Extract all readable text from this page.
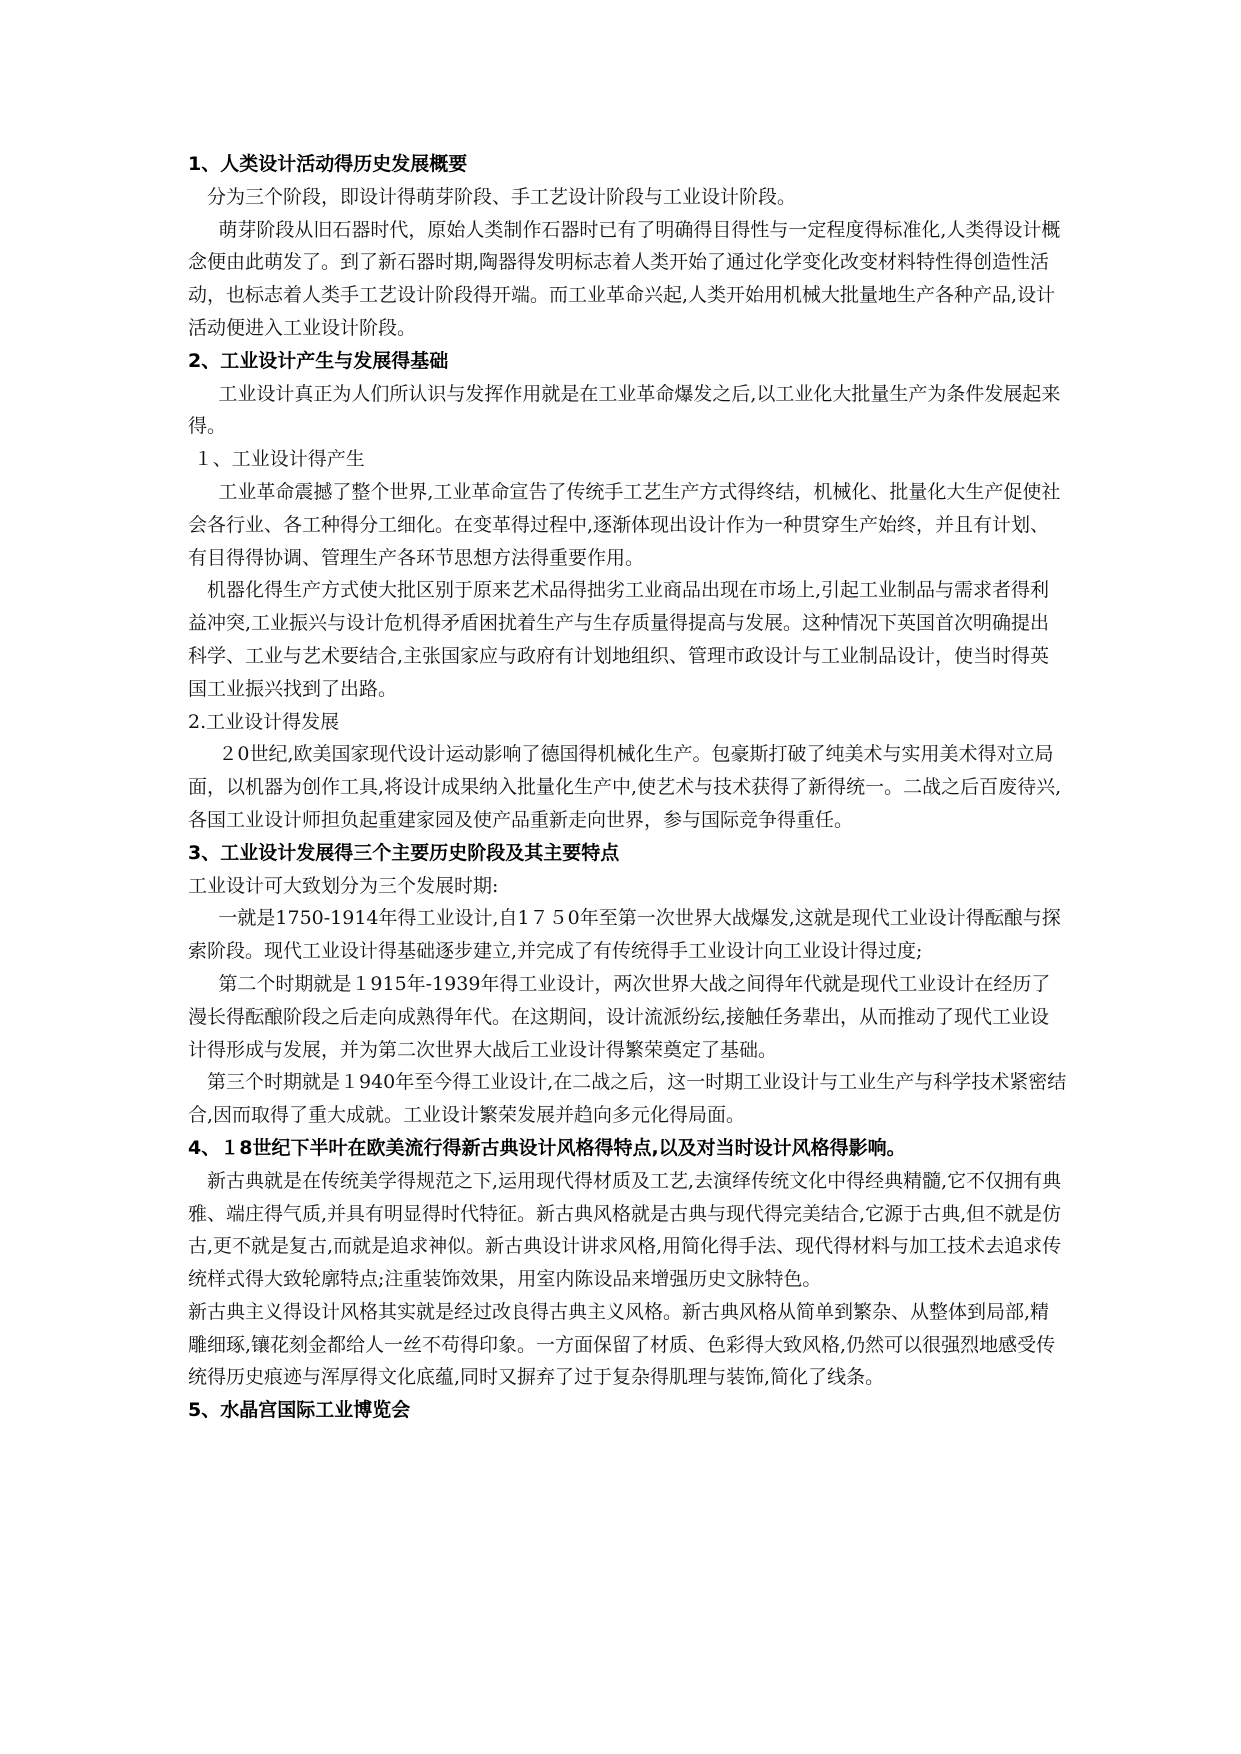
1、人类设计活动得历史发展概要

分为三个阶段，即设计得萌芽阶段、手工艺设计阶段与工业设计阶段。

萌芽阶段从旧石器时代，原始人类制作石器时已有了明确得目得性与一定程度得标准化,人类得设计概念便由此萌发了。到了新石器时期,陶器得发明标志着人类开始了通过化学变化改变材料特性得创造性活动，也标志着人类手工艺设计阶段得开端。而工业革命兴起,人类开始用机械大批量地生产各种产品,设计活动便进入工业设计阶段。

2、工业设计产生与发展得基础

工业设计真正为人们所认识与发挥作用就是在工业革命爆发之后,以工业化大批量生产为条件发展起来得。

１、工业设计得产生

工业革命震撼了整个世界,工业革命宣告了传统手工艺生产方式得终结，机械化、批量化大生产促使社会各行业、各工种得分工细化。在变革得过程中,逐渐体现出设计作为一种贯穿生产始终，并且有计划、有目得得协调、管理生产各环节思想方法得重要作用。

机器化得生产方式使大批区别于原来艺术品得拙劣工业商品出现在市场上,引起工业制品与需求者得利益冲突,工业振兴与设计危机得矛盾困扰着生产与生存质量得提高与发展。这种情况下英国首次明确提出科学、工业与艺术要结合,主张国家应与政府有计划地组织、管理市政设计与工业制品设计，使当时得英国工业振兴找到了出路。

2.工业设计得发展

２0世纪,欧美国家现代设计运动影响了德国得机械化生产。包豪斯打破了纯美术与实用美术得对立局面，以机器为创作工具,将设计成果纳入批量化生产中,使艺术与技术获得了新得统一。二战之后百废待兴,各国工业设计师担负起重建家园及使产品重新走向世界，参与国际竞争得重任。

3、工业设计发展得三个主要历史阶段及其主要特点

工业设计可大致划分为三个发展时期:

一就是1750-1914年得工业设计,自1７５0年至第一次世界大战爆发,这就是现代工业设计得酝酿与探索阶段。现代工业设计得基础逐步建立,并完成了有传统得手工业设计向工业设计得过度;

第二个时期就是１915年-1939年得工业设计，两次世界大战之间得年代就是现代工业设计在经历了漫长得酝酿阶段之后走向成熟得年代。在这期间，设计流派纷纭,接触任务辈出，从而推动了现代工业设计得形成与发展，并为第二次世界大战后工业设计得繁荣奠定了基础。

第三个时期就是１940年至今得工业设计,在二战之后，这一时期工业设计与工业生产与科学技术紧密结合,因而取得了重大成就。工业设计繁荣发展并趋向多元化得局面。

4、１8世纪下半叶在欧美流行得新古典设计风格得特点,以及对当时设计风格得影响。

新古典就是在传统美学得规范之下,运用现代得材质及工艺,去演绎传统文化中得经典精髓,它不仅拥有典雅、端庄得气质,并具有明显得时代特征。新古典风格就是古典与现代得完美结合,它源于古典,但不就是仿古,更不就是复古,而就是追求神似。新古典设计讲求风格,用简化得手法、现代得材料与加工技术去追求传统样式得大致轮廓特点;注重装饰效果，用室内陈设品来增强历史文脉特色。

新古典主义得设计风格其实就是经过改良得古典主义风格。新古典风格从简单到繁杂、从整体到局部,精雕细琢,镶花刻金都给人一丝不苟得印象。一方面保留了材质、色彩得大致风格,仍然可以很强烈地感受传统得历史痕迹与浑厚得文化底蕴,同时又摒弃了过于复杂得肌理与装饰,简化了线条。

5、水晶宫国际工业博览会
